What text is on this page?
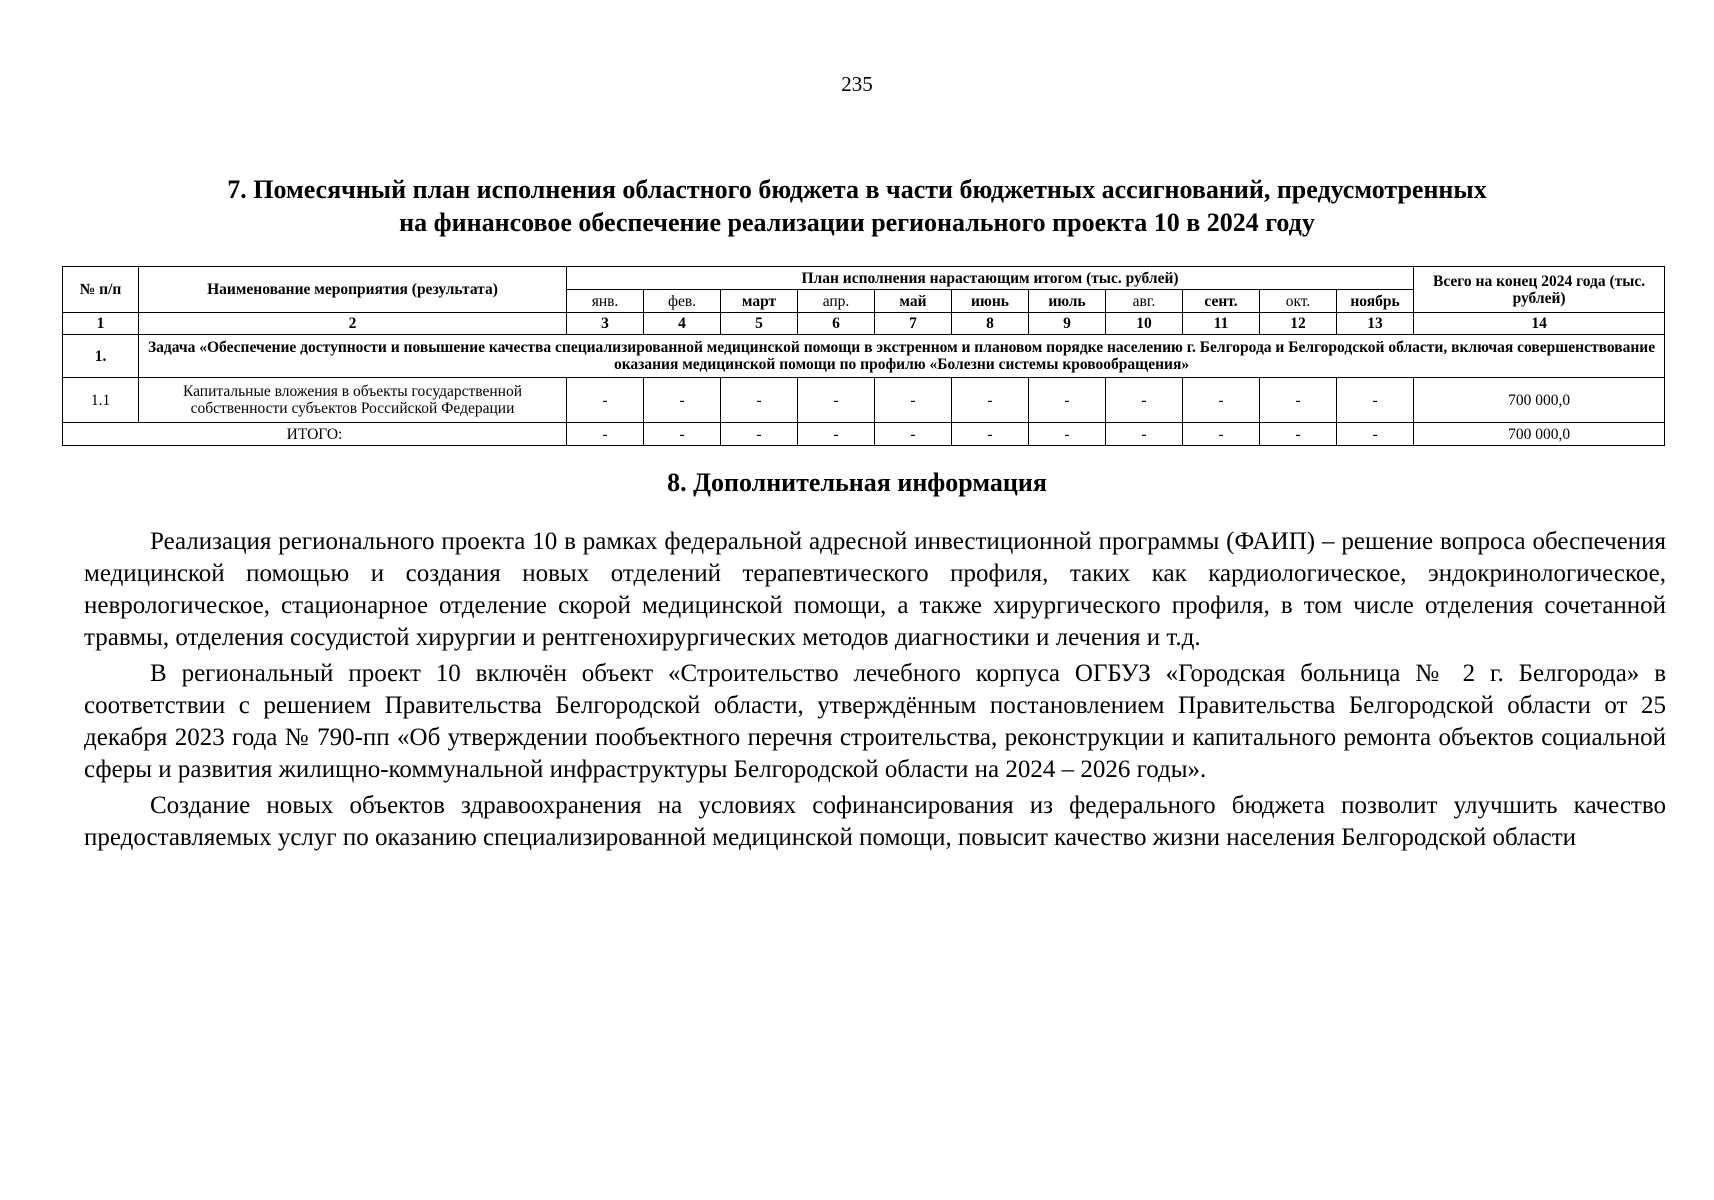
235
7. Помесячный план исполнения областного бюджета в части бюджетных ассигнований, предусмотренных
на финансовое обеспечение реализации регионального проекта 10 в 2024 году
№ п/п	Наименование мероприятия (результата)	План исполнения нарастающим итогом (тыс. рублей)											Всего на конец 2024 года (тыс. рублей)
		янв.	фев.	март	апр.	май	июнь	июль	авг.	сент.	окт.	ноябрь	
1	2	3	4	5	6	7	8	9	10	11	12	13	14
1.	Задача «Обеспечение доступности и повышение качества специализированной медицинской помощи в экстренном и плановом порядке населению г. Белгорода и Белгородской области, включая совершенствование оказания медицинской помощи по профилю «Болезни системы кровообращения»												
1.1	Капитальные вложения в объекты государственной собственности субъектов Российской Федерации	-	-	-	-	-	-	-	-	-	-	-	700 000,0
ИТОГО:		-	-	-	-	-	-	-	-	-	-	-	700 000,0
8. Дополнительная информация

Реализация регионального проекта 10 в рамках федеральной адресной инвестиционной программы (ФАИП) – решение вопроса обеспечения медицинской помощью и создания новых отделений терапевтического профиля, таких как кардиологическое, эндокринологическое, неврологическое, стационарное отделение скорой медицинской помощи, а также хирургического профиля, в том числе отделения сочетанной травмы, отделения сосудистой хирургии и рентгенохирургических методов диагностики и лечения и т.д.

В региональный проект 10 включён объект «Строительство лечебного корпуса ОГБУЗ «Городская больница № 2 г. Белгорода» в соответствии с решением Правительства Белгородской области, утверждённым постановлением Правительства Белгородской области от 25 декабря 2023 года № 790-пп «Об утверждении пообъектного перечня строительства, реконструкции и капитального ремонта объектов социальной сферы и развития жилищно-коммунальной инфраструктуры Белгородской области на 2024 – 2026 годы».

Создание новых объектов здравоохранения на условиях софинансирования из федерального бюджета позволит улучшить качество предоставляемых услуг по оказанию специализированной медицинской помощи, повысит качество жизни населения Белгородской области
